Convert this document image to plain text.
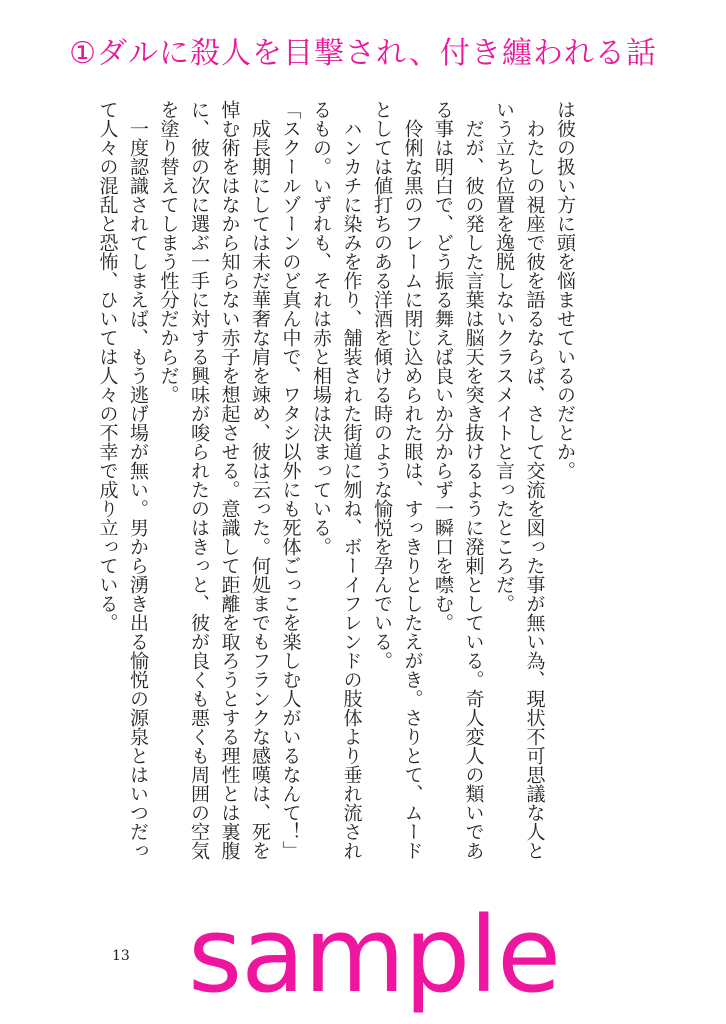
①ダルに殺人を目撃され、付き纏われる話
は彼の扱い方に頭を悩ませているのだとか。
　わたしの視座で彼を語るならば、さして交流を図った事が無い為、現状不可思議な人と
いう立ち位置を逸脱しないクラスメイトと言ったところだ。
　だが、彼の発した言葉は脳天を突き抜けるように溌剌としている。奇人変人の類いであ
る事は明白で、どう振る舞えば良いか分からず一瞬口を噤む。
　伶俐な黒のフレームに閉じ込められた眼は、すっきりとしたえがき。さりとて、ムード
としては値打ちのある洋酒を傾ける時のような愉悦を孕んでいる。
　ハンカチに染みを作り、舗装された街道に刎ね、ボーイフレンドの肢体より垂れ流され
るもの。いずれも、それは赤と相場は決まっている。
「スクールゾーンのど真ん中で、ワタシ以外にも死体ごっこを楽しむ人がいるなんて！」
　成長期にしては未だ華奢な肩を竦め、彼は云った。何処までもフランクな感嘆は、死を
悼む術をはなから知らない赤子を想起させる。意識して距離を取ろうとする理性とは裏腹
に、彼の次に選ぶ一手に対する興味が唆られたのはきっと、彼が良くも悪くも周囲の空気
を塗り替えてしまう性分だからだ。
　一度認識されてしまえば、もう逃げ場が無い。男から湧き出る愉悦の源泉とはいつだっ
て人々の混乱と恐怖、ひいては人々の不幸で成り立っている。
13 sample
